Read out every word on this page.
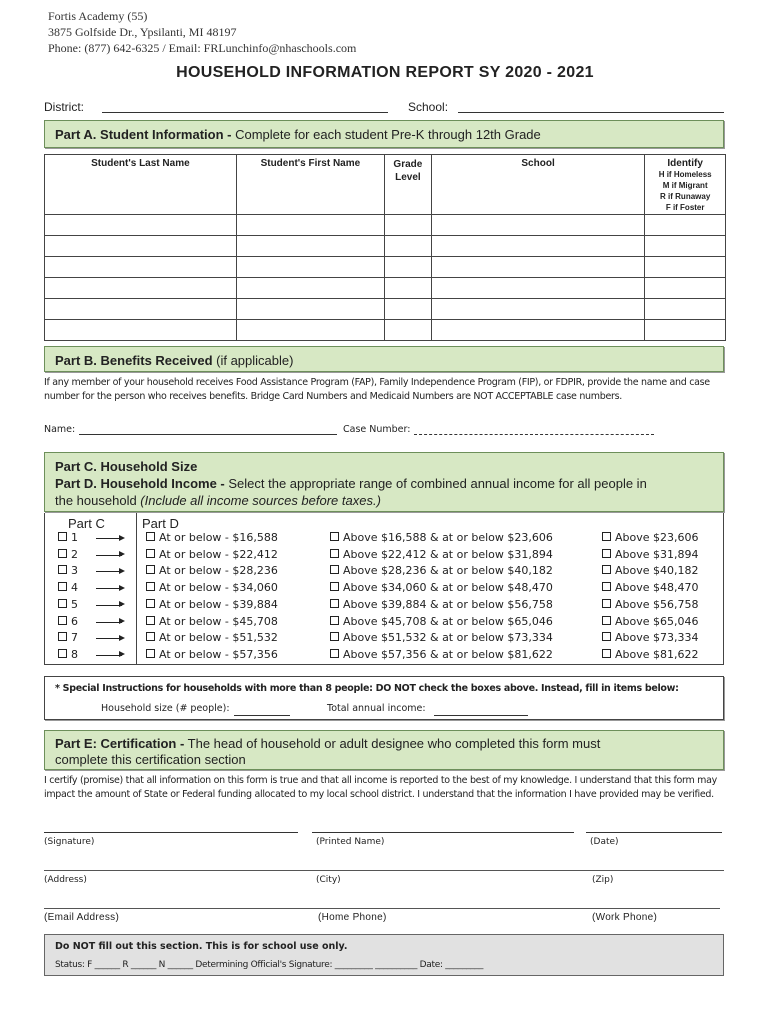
Fortis Academy (55)
3875 Golfside Dr., Ypsilanti, MI 48197
Phone: (877) 642-6325 / Email: FRLunchinfo@nhaschools.com
HOUSEHOLD INFORMATION REPORT SY 2020 - 2021
District:	School:
Part A. Student Information - Complete for each student Pre-K through 12th Grade
Student's Last Name	Student's First Name	Grade Level	School	Identify
H if Homeless
M if Migrant
R if Runaway
F if Foster

Part B. Benefits Received (if applicable)
If any member of your household receives Food Assistance Program (FAP), Family Independence Program (FIP), or FDPIR, provide the name and case number for the person who receives benefits. Bridge Card Numbers and Medicaid Numbers are NOT ACCEPTABLE case numbers.
Name:	Case Number:
Part C. Household Size
Part D. Household Income - Select the appropriate range of combined annual income for all people in
the household (Include all income sources before taxes.)
Part C	Part D
1	At or below - $16,588	Above $16,588 & at or below $23,606	Above $23,606
2	At or below - $22,412	Above $22,412 & at or below $31,894	Above $31,894
3	At or below - $28,236	Above $28,236 & at or below $40,182	Above $40,182
4	At or below - $34,060	Above $34,060 & at or below $48,470	Above $48,470
5	At or below - $39,884	Above $39,884 & at or below $56,758	Above $56,758
6	At or below - $45,708	Above $45,708 & at or below $65,046	Above $65,046
7	At or below - $51,532	Above $51,532 & at or below $73,334	Above $73,334
8	At or below - $57,356	Above $57,356 & at or below $81,622	Above $81,622
* Special Instructions for households with more than 8 people: DO NOT check the boxes above. Instead, fill in items below:
Household size (# people):	Total annual income:
Part E: Certification - The head of household or adult designee who completed this form must
complete this certification section
I certify (promise) that all information on this form is true and that all income is reported to the best of my knowledge. I understand that this form may impact the amount of State or Federal funding allocated to my local school district. I understand that the information I have provided may be verified.
(Signature)	(Printed Name)	(Date)
(Address)	(City)	(Zip)
(Email Address)	(Home Phone)	(Work Phone)
Do NOT fill out this section. This is for school use only.
Status: F ______ R ______ N ______ Determining Official's Signature: _________ __________ Date: _________
